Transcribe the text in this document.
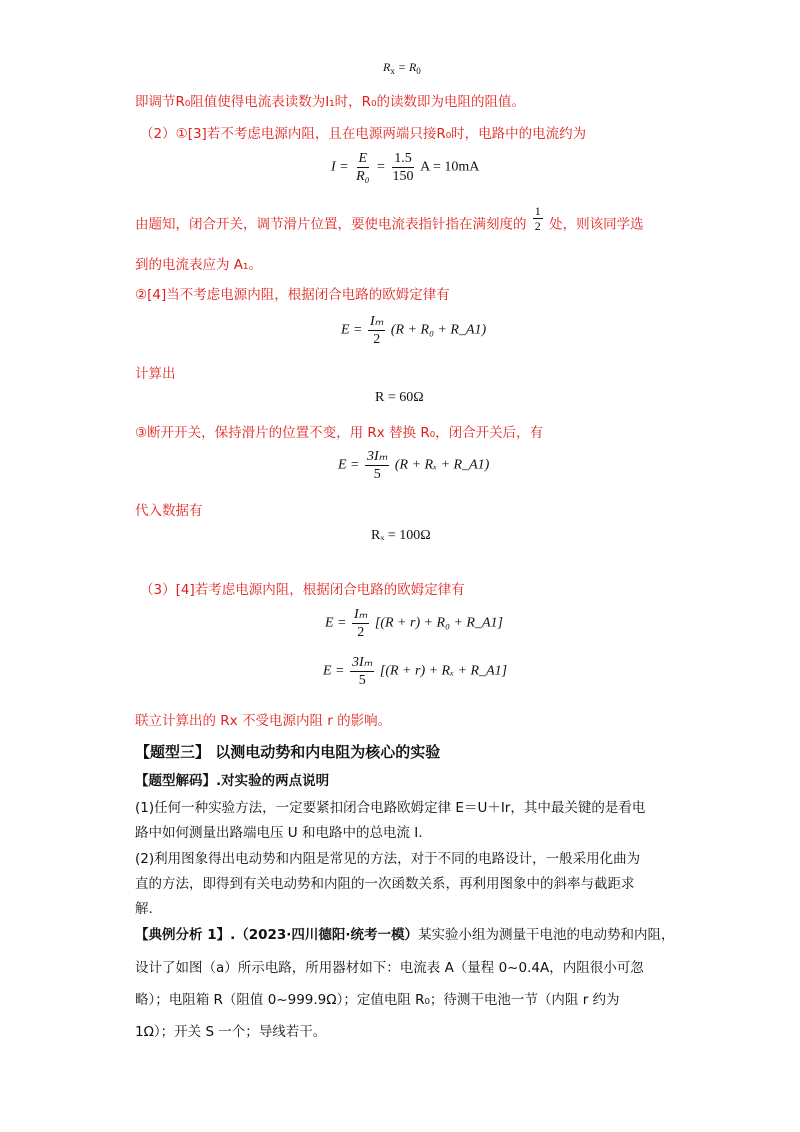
$R_x = R_0$
即调节R₀阻值使得电流表读数为I₁时，R₀的读数即为电阻的阻值。
（2）①[3]若不考虑电源内阻，且在电源两端只接R₀时，电路中的电流约为
$I = \frac{E}{\text{R₀}} = \frac{1.5}{150}$ A = 10mA
由题知，闭合开关，调节滑片位置，要使电流表指针指在满刻度的 $\frac{1}{2}$ 处，则该同学选
到的电流表应为 A₁。
②[4]当不考虑电源内阻，根据闭合电路的欧姆定律有
$E = \frac{\text{Iₘ}}{2} (R + R_0$ + R_A1)
计算出
R = 60Ω
③断开开关，保持滑片的位置不变，用 Rx 替换 R₀，闭合开关后，有
$E = \frac{\text{3Iₘ}}{5} (R + R_x$ + R_A1)
代入数据有
Rₓ = 100Ω
（3）[4]若考虑电源内阻，根据闭合电路的欧姆定律有
$E = \frac{\text{Iₘ}}{2} [(R + r) + R_0$ + R_A1]
$E = \frac{\text{3Iₘ}}{5} [(R + r) + R_x$ + R_A1]
联立计算出的 Rx 不受电源内阻 r 的影响。
【题型三】 以测电动势和内电阻为核心的实验
【题型解码】.对实验的两点说明
(1)任何一种实验方法，一定要紧扣闭合电路欧姆定律 E＝U＋Ir，其中最关键的是看电
路中如何测量出路端电压 U 和电路中的总电流 I.
(2)利用图象得出电动势和内阻是常见的方法，对于不同的电路设计，一般采用化曲为
直的方法，即得到有关电动势和内阻的一次函数关系，再利用图象中的斜率与截距求
解.
【典例分析 1】.（2023·四川德阳·统考一模）某实验小组为测量干电池的电动势和内阻，
设计了如图（a）所示电路，所用器材如下：电流表 A（量程 0~0.4A，内阻很小可忽
略）；电阻箱 R（阻值 0~999.9Ω）；定值电阻 R₀；待测干电池一节（内阻 r 约为
1Ω）；开关 S 一个；导线若干。
